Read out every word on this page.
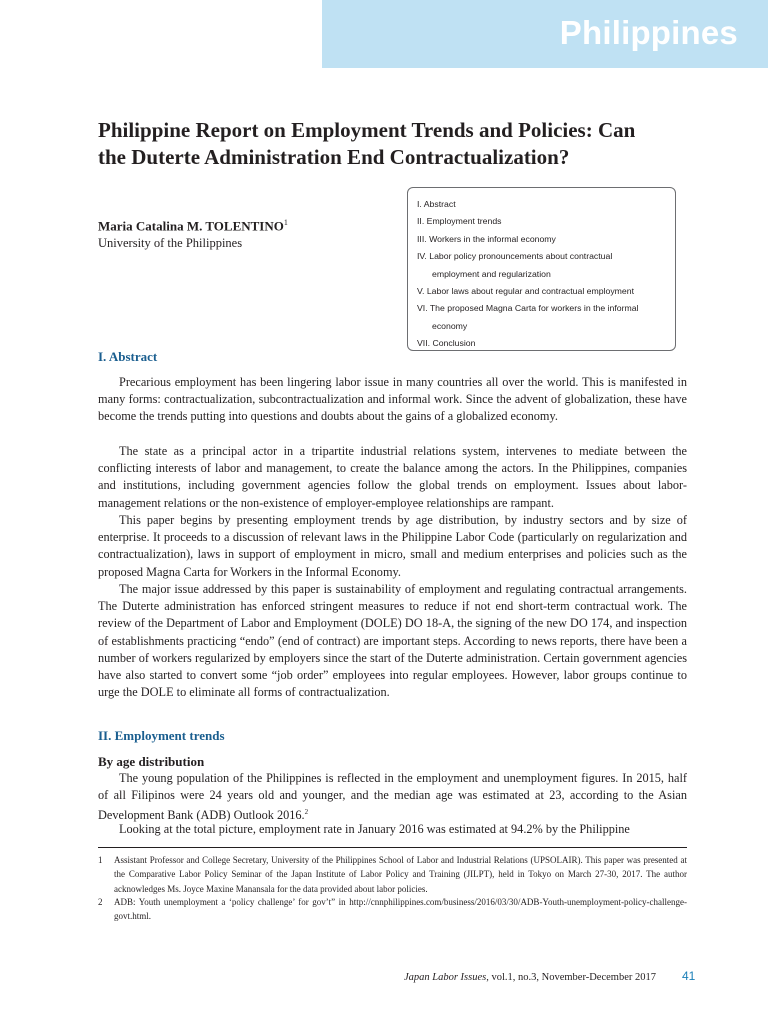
Philippines
Philippine Report on Employment Trends and Policies: Can the Duterte Administration End Contractualization?
Maria Catalina M. TOLENTINO$^1$
University of the Philippines
I. Abstract
II. Employment trends
III. Workers in the informal economy
IV. Labor policy pronouncements about contractual
employment and regularization
V. Labor laws about regular and contractual employment
VI. The proposed Magna Carta for workers in the informal
economy
VII. Conclusion
I. Abstract

Precarious employment has been lingering labor issue in many countries all over the world. This is manifested in many forms: contractualization, subcontractualization and informal work. Since the advent of globalization, these have become the trends putting into questions and doubts about the gains of a globalized economy.

The state as a principal actor in a tripartite industrial relations system, intervenes to mediate between the conflicting interests of labor and management, to create the balance among the actors. In the Philippines, companies and institutions, including government agencies follow the global trends on employment. Issues about labor-management relations or the non-existence of employer-employee relationships are rampant.

This paper begins by presenting employment trends by age distribution, by industry sectors and by size of enterprise. It proceeds to a discussion of relevant laws in the Philippine Labor Code (particularly on regularization and contractualization), laws in support of employment in micro, small and medium enterprises and policies such as the proposed Magna Carta for Workers in the Informal Economy.

The major issue addressed by this paper is sustainability of employment and regulating contractual arrangements. The Duterte administration has enforced stringent measures to reduce if not end short-term contractual work. The review of the Department of Labor and Employment (DOLE) DO 18-A, the signing of the new DO 174, and inspection of establishments practicing “endo” (end of contract) are important steps. According to news reports, there have been a number of workers regularized by employers since the start of the Duterte administration. Certain government agencies have also started to convert some “job order” employees into regular employees. However, labor groups continue to urge the DOLE to eliminate all forms of contractualization.

II. Employment trends
By age distribution

The young population of the Philippines is reflected in the employment and unemployment figures. In 2015, half of all Filipinos were 24 years old and younger, and the median age was estimated at 23, according to the Asian Development Bank (ADB) Outlook 2016.$^2$

Looking at the total picture, employment rate in January 2016 was estimated at 94.2% by the Philippine

1	Assistant Professor and College Secretary, University of the Philippines School of Labor and Industrial Relations (UPSOLAIR). This paper was presented at the Comparative Labor Policy Seminar of the Japan Institute of Labor Policy and Training (JILPT), held in Tokyo on March 27-30, 2017. The author acknowledges Ms. Joyce Maxine Manansala for the data provided about labor policies.
2	ADB: Youth unemployment a ‘policy challenge’ for gov’t” in http://cnnphilippines.com/business/2016/03/30/ADB-Youth-unemployment-policy-challenge-govt.html.
Japan Labor Issues, vol.1, no.3, November-December 2017 41
